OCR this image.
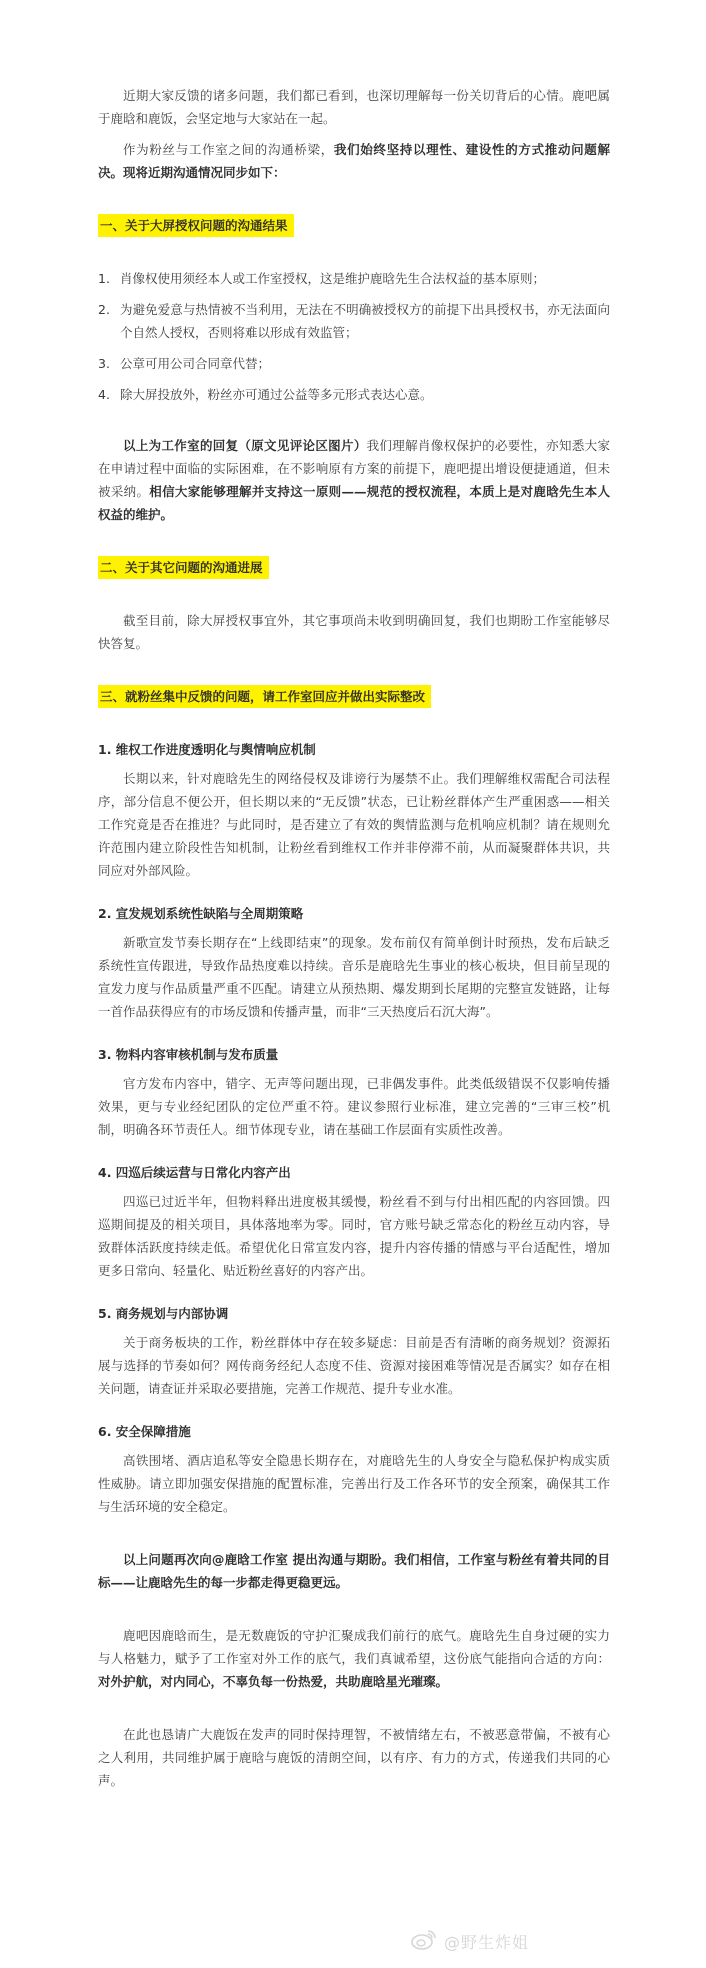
近期大家反馈的诸多问题，我们都已看到，也深切理解每一份关切背后的心情。鹿吧属于鹿晗和鹿饭，会坚定地与大家站在一起。

作为粉丝与工作室之间的沟通桥梁，我们始终坚持以理性、建设性的方式推动问题解决。现将近期沟通情况同步如下：

一、关于大屏授权问题的沟通结果
1. 肖像权使用须经本人或工作室授权，这是维护鹿晗先生合法权益的基本原则；
2. 为避免爱意与热情被不当利用，无法在不明确被授权方的前提下出具授权书，亦无法面向个自然人授权，否则将难以形成有效监管；
3. 公章可用公司合同章代替；
4. 除大屏投放外，粉丝亦可通过公益等多元形式表达心意。

以上为工作室的回复（原文见评论区图片）我们理解肖像权保护的必要性，亦知悉大家在申请过程中面临的实际困难，在不影响原有方案的前提下，鹿吧提出增设便捷通道，但未被采纳。相信大家能够理解并支持这一原则——规范的授权流程，本质上是对鹿晗先生本人权益的维护。

二、关于其它问题的沟通进展

截至目前，除大屏授权事宜外，其它事项尚未收到明确回复，我们也期盼工作室能够尽快答复。

三、就粉丝集中反馈的问题，请工作室回应并做出实际整改

1. 维权工作进度透明化与舆情响应机制

长期以来，针对鹿晗先生的网络侵权及诽谤行为屡禁不止。我们理解维权需配合司法程序，部分信息不便公开，但长期以来的“无反馈”状态，已让粉丝群体产生严重困惑——相关工作究竟是否在推进？与此同时，是否建立了有效的舆情监测与危机响应机制？请在规则允许范围内建立阶段性告知机制，让粉丝看到维权工作并非停滞不前，从而凝聚群体共识，共同应对外部风险。

2. 宣发规划系统性缺陷与全周期策略

新歌宣发节奏长期存在“上线即结束”的现象。发布前仅有简单倒计时预热，发布后缺乏系统性宣传跟进，导致作品热度难以持续。音乐是鹿晗先生事业的核心板块，但目前呈现的宣发力度与作品质量严重不匹配。请建立从预热期、爆发期到长尾期的完整宣发链路，让每一首作品获得应有的市场反馈和传播声量，而非“三天热度后石沉大海”。

3. 物料内容审核机制与发布质量

官方发布内容中，错字、无声等问题出现，已非偶发事件。此类低级错误不仅影响传播效果，更与专业经纪团队的定位严重不符。建议参照行业标准，建立完善的“三审三校”机制，明确各环节责任人。细节体现专业，请在基础工作层面有实质性改善。

4. 四巡后续运营与日常化内容产出

四巡已过近半年，但物料释出进度极其缓慢，粉丝看不到与付出相匹配的内容回馈。四巡期间提及的相关项目，具体落地率为零。同时，官方账号缺乏常态化的粉丝互动内容，导致群体活跃度持续走低。希望优化日常宣发内容，提升内容传播的情感与平台适配性，增加更多日常向、轻量化、贴近粉丝喜好的内容产出。

5. 商务规划与内部协调

关于商务板块的工作，粉丝群体中存在较多疑虑：目前是否有清晰的商务规划？资源拓展与选择的节奏如何？网传商务经纪人态度不佳、资源对接困难等情况是否属实？如存在相关问题，请查证并采取必要措施，完善工作规范、提升专业水准。

6. 安全保障措施

高铁围堵、酒店追私等安全隐患长期存在，对鹿晗先生的人身安全与隐私保护构成实质性威胁。请立即加强安保措施的配置标准，完善出行及工作各环节的安全预案，确保其工作与生活环境的安全稳定。

以上问题再次向@鹿晗工作室 提出沟通与期盼。我们相信，工作室与粉丝有着共同的目标——让鹿晗先生的每一步都走得更稳更远。

鹿吧因鹿晗而生，是无数鹿饭的守护汇聚成我们前行的底气。鹿晗先生自身过硬的实力与人格魅力，赋予了工作室对外工作的底气，我们真诚希望，这份底气能指向合适的方向：对外护航，对内同心，不辜负每一份热爱，共助鹿晗星光璀璨。

在此也恳请广大鹿饭在发声的同时保持理智，不被情绪左右，不被恶意带偏，不被有心之人利用，共同维护属于鹿晗与鹿饭的清朗空间，以有序、有力的方式，传递我们共同的心声。

@野生炸姐
